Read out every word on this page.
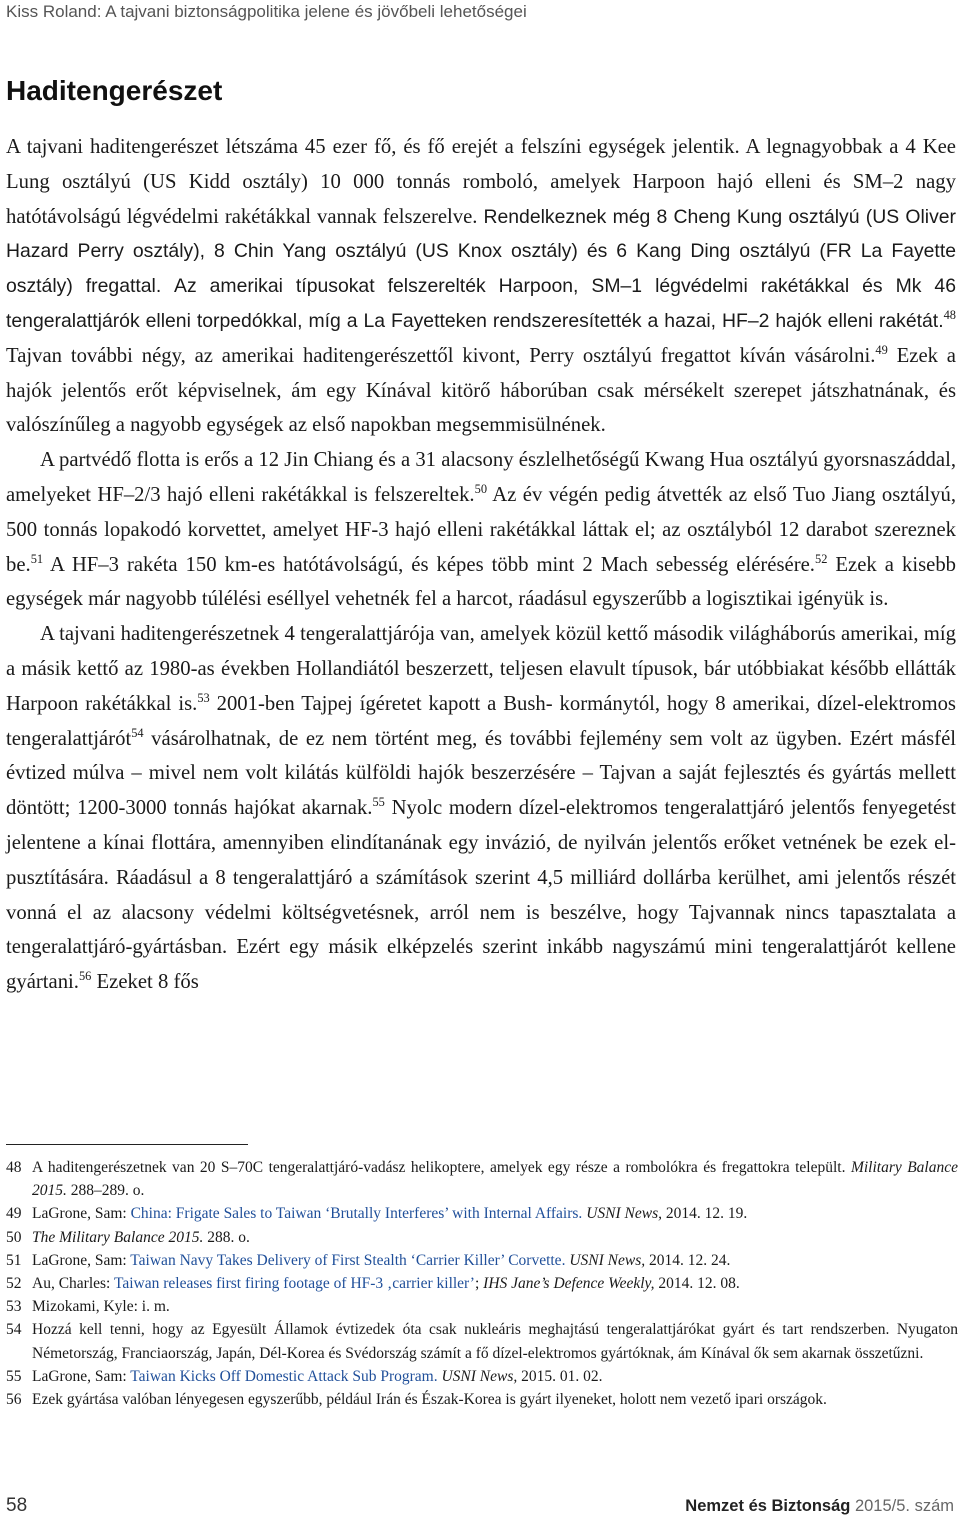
Kiss Roland: A tajvani biztonságpolitika jelene és jövőbeli lehetőségei
Haditengerészet

A tajvani haditengerészet létszáma 45 ezer fő, és fő erejét a felszíni egységek jelentik. A legnagyobbak a 4 Kee Lung osztályú (US Kidd osztály) 10 000 tonnás romboló, amelyek Harpoon hajó elleni és SM‒2 nagy hatótávolságú légvédelmi rakétákkal vannak felszerelve. Rendelkeznek még 8 Cheng Kung osztályú (US Oliver Hazard Perry osztály), 8 Chin Yang osztályú (US Knox osztály) és 6 Kang Ding osztályú (FR La Fayette osztály) fregattal. Az amerikai típusokat felszerelték Harpoon, SM‒1 légvédelmi rakétákkal és Mk 46 tengeralattjárók elleni torpedókkal, míg a La Fayetteken rendszeresítették a hazai, HF‒2 hajók elleni rakétát.$^{48}$ Tajvan további négy, az amerikai haditengerészettől kivont, Perry osztályú fregattot kíván vásárolni.$^{49}$ Ezek a hajók jelentős erőt képviselnek, ám egy Kínával kitörő háborúban csak mérsékelt szerepet játszhatnának, és valószínűleg a nagyobb egységek az első napokban megsemmisülnének.

A partvédő flotta is erős a 12 Jin Chiang és a 31 alacsony észlelhetőségű Kwang Hua osztályú gyorsnaszáddal, amelyeket HF‒2/3 hajó elleni rakétákkal is felszereltek.$^{50}$ Az év végén pedig átvették az első Tuo Jiang osztályú, 500 tonnás lopakodó korvettet, amelyet HF-3 hajó elleni rakétákkal láttak el; az osztályból 12 darabot szereznek be.$^{51}$ A HF‒3 rakéta 150 km-es hatótávolságú, és képes több mint 2 Mach sebesség elérésére.$^{52}$ Ezek a kisebb egységek már nagyobb túlélési eséllyel vehetnék fel a harcot, ráadásul egyszerűbb a logisztikai igényük is.

A tajvani haditengerészetnek 4 tengeralattjárója van, amelyek közül kettő második világháborús amerikai, míg a másik kettő az 1980-as években Hollandiától beszerzett, teljesen elavult típusok, bár utóbbiakat később ellátták Harpoon rakétákkal is.$^{53}$ 2001-ben Tajpej ígéretet kapott a Bush- kormánytól, hogy 8 amerikai, dízel-elektromos tengeralattjárót$^{54}$ vásárolhatnak, de ez nem történt meg, és további fejlemény sem volt az ügyben. Ezért másfél évtized múlva ‒ mivel nem volt kilátás külföldi hajók beszerzésére ‒ Tajvan a saját fejlesztés és gyártás mellett döntött; 1200-3000 tonnás hajókat akarnak.$^{55}$ Nyolc modern dízel-elektromos tengeralattjáró jelentős fenyegetést jelentene a kínai flottára, amennyiben elindítanának egy invázió, de nyilván jelentős erőket vetnének be ezek elpusztítására. Ráadásul a 8 tengeralattjáró a számítások szerint 4,5 milliárd dollárba kerülhet, ami jelentős részét vonná el az alacsony védelmi költségvetésnek, arról nem is beszélve, hogy Tajvannak nincs tapasztalata a tengeralattjáró-gyártásban. Ezért egy másik elképzelés szerint inkább nagyszámú mini tengeralattjárót kellene gyártani.$^{56}$ Ezeket 8 fős

48 A haditengerészetnek van 20 S‒70C tengeralattjáró-vadász helikoptere, amelyek egy része a rombolókra és fregattokra települt. Military Balance 2015. 288‒289. o.
49 LaGrone, Sam: China: Frigate Sales to Taiwan ‘Brutally Interferes’ with Internal Affairs. USNI News, 2014. 12. 19.
50 The Military Balance 2015. 288. o.
51 LaGrone, Sam: Taiwan Navy Takes Delivery of First Stealth ‘Carrier Killer’ Corvette. USNI News, 2014. 12. 24.
52 Au, Charles: Taiwan releases first firing footage of HF-3 ‚carrier killer’; IHS Jane’s Defence Weekly, 2014. 12. 08.
53 Mizokami, Kyle: i. m.
54 Hozzá kell tenni, hogy az Egyesült Államok évtizedek óta csak nukleáris meghajtású tengeralattjárókat gyárt és tart rendszerben. Nyugaton Németország, Franciaország, Japán, Dél-Korea és Svédország számít a fő dízel-elektromos gyártóknak, ám Kínával ők sem akarnak összetűzni.
55 LaGrone, Sam: Taiwan Kicks Off Domestic Attack Sub Program. USNI News, 2015. 01. 02.
56 Ezek gyártása valóban lényegesen egyszerűbb, például Irán és Észak-Korea is gyárt ilyeneket, holott nem vezető ipari országok.
58	Nemzet és Biztonság 2015/5. szám
